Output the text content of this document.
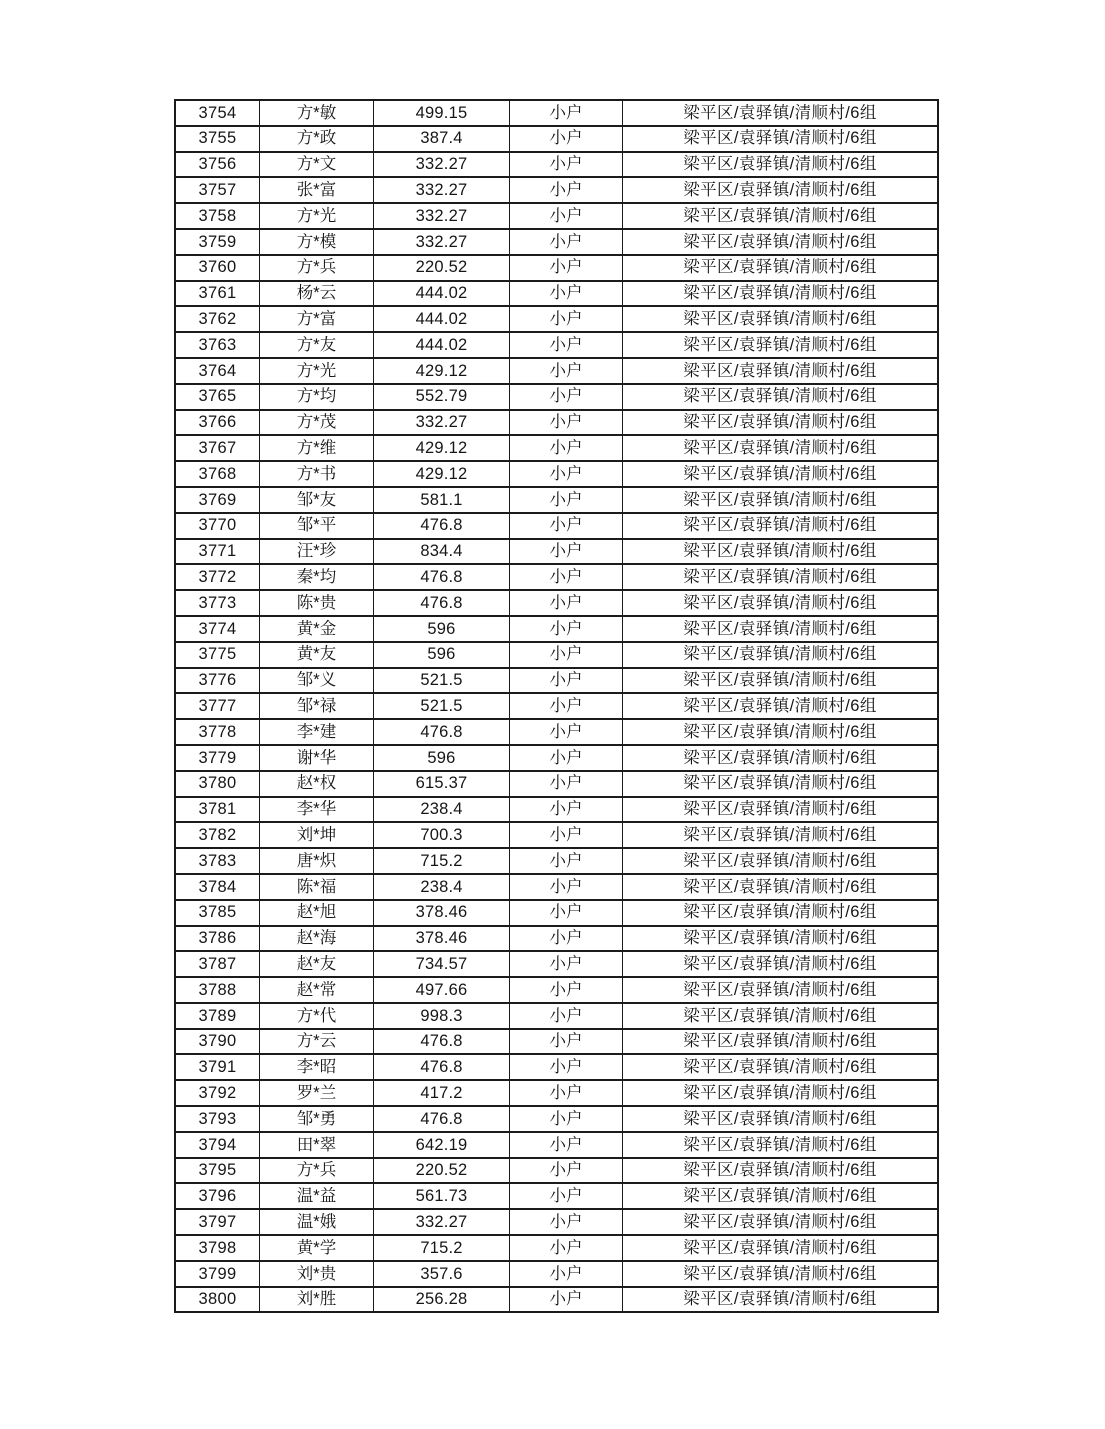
3754	方*敏	499.15	小户	梁平区/袁驿镇/清顺村/6组
3755	方*政	387.4	小户	梁平区/袁驿镇/清顺村/6组
3756	方*文	332.27	小户	梁平区/袁驿镇/清顺村/6组
3757	张*富	332.27	小户	梁平区/袁驿镇/清顺村/6组
3758	方*光	332.27	小户	梁平区/袁驿镇/清顺村/6组
3759	方*模	332.27	小户	梁平区/袁驿镇/清顺村/6组
3760	方*兵	220.52	小户	梁平区/袁驿镇/清顺村/6组
3761	杨*云	444.02	小户	梁平区/袁驿镇/清顺村/6组
3762	方*富	444.02	小户	梁平区/袁驿镇/清顺村/6组
3763	方*友	444.02	小户	梁平区/袁驿镇/清顺村/6组
3764	方*光	429.12	小户	梁平区/袁驿镇/清顺村/6组
3765	方*均	552.79	小户	梁平区/袁驿镇/清顺村/6组
3766	方*茂	332.27	小户	梁平区/袁驿镇/清顺村/6组
3767	方*维	429.12	小户	梁平区/袁驿镇/清顺村/6组
3768	方*书	429.12	小户	梁平区/袁驿镇/清顺村/6组
3769	邹*友	581.1	小户	梁平区/袁驿镇/清顺村/6组
3770	邹*平	476.8	小户	梁平区/袁驿镇/清顺村/6组
3771	汪*珍	834.4	小户	梁平区/袁驿镇/清顺村/6组
3772	秦*均	476.8	小户	梁平区/袁驿镇/清顺村/6组
3773	陈*贵	476.8	小户	梁平区/袁驿镇/清顺村/6组
3774	黄*金	596	小户	梁平区/袁驿镇/清顺村/6组
3775	黄*友	596	小户	梁平区/袁驿镇/清顺村/6组
3776	邹*义	521.5	小户	梁平区/袁驿镇/清顺村/6组
3777	邹*禄	521.5	小户	梁平区/袁驿镇/清顺村/6组
3778	李*建	476.8	小户	梁平区/袁驿镇/清顺村/6组
3779	谢*华	596	小户	梁平区/袁驿镇/清顺村/6组
3780	赵*权	615.37	小户	梁平区/袁驿镇/清顺村/6组
3781	李*华	238.4	小户	梁平区/袁驿镇/清顺村/6组
3782	刘*坤	700.3	小户	梁平区/袁驿镇/清顺村/6组
3783	唐*炽	715.2	小户	梁平区/袁驿镇/清顺村/6组
3784	陈*福	238.4	小户	梁平区/袁驿镇/清顺村/6组
3785	赵*旭	378.46	小户	梁平区/袁驿镇/清顺村/6组
3786	赵*海	378.46	小户	梁平区/袁驿镇/清顺村/6组
3787	赵*友	734.57	小户	梁平区/袁驿镇/清顺村/6组
3788	赵*常	497.66	小户	梁平区/袁驿镇/清顺村/6组
3789	方*代	998.3	小户	梁平区/袁驿镇/清顺村/6组
3790	方*云	476.8	小户	梁平区/袁驿镇/清顺村/6组
3791	李*昭	476.8	小户	梁平区/袁驿镇/清顺村/6组
3792	罗*兰	417.2	小户	梁平区/袁驿镇/清顺村/6组
3793	邹*勇	476.8	小户	梁平区/袁驿镇/清顺村/6组
3794	田*翠	642.19	小户	梁平区/袁驿镇/清顺村/6组
3795	方*兵	220.52	小户	梁平区/袁驿镇/清顺村/6组
3796	温*益	561.73	小户	梁平区/袁驿镇/清顺村/6组
3797	温*娥	332.27	小户	梁平区/袁驿镇/清顺村/6组
3798	黄*学	715.2	小户	梁平区/袁驿镇/清顺村/6组
3799	刘*贵	357.6	小户	梁平区/袁驿镇/清顺村/6组
3800	刘*胜	256.28	小户	梁平区/袁驿镇/清顺村/6组
